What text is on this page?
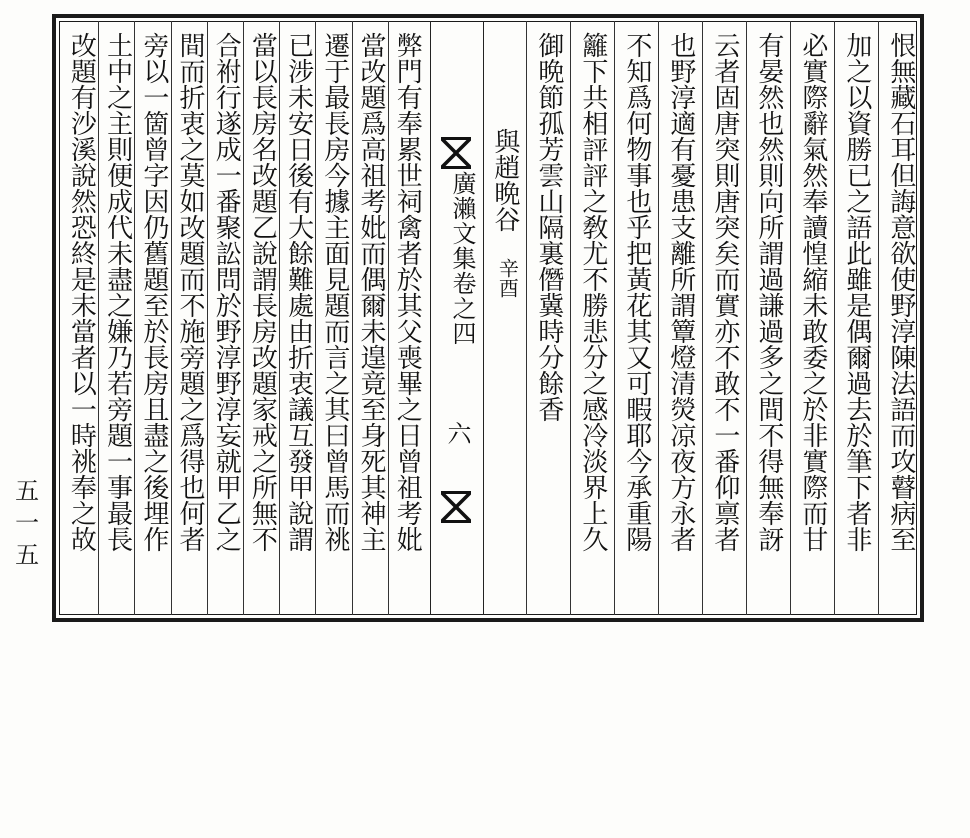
恨無藏石耳但誨意欲使野淳陳法語而攻瞽病至
加之以資勝已之語此雖是偶爾過去於筆下者非
必實際辭氣然奉讀惶縮未敢委之於非實際而甘
有晏然也然則向所謂過謙過多之間不得無奉訝
云者固唐突則唐突矣而實亦不敢不一番仰禀者
也野淳適有憂患支離所謂簟燈清熒凉夜方永者
不知爲何物事也乎把黃花其又可暇耶今承重陽
籬下共相評評之敎尤不勝悲分之感冷淡界上久
御晩節孤芳雲山隔裏僭冀時分餘香
與趙晩谷
辛酉
廣瀨文集卷之四
六
弊門有奉累世祠禽者於其父喪畢之日曾祖考妣
當改題爲高祖考妣而偶爾未遑竟至身死其神主
遷于最長房今據主面見題而言之其曰曾馬而祧
已涉未安日後有大餘難處由折衷議互發甲說謂
當以長房名改題乙說謂長房改題家戒之所無不
合祔行遂成一番聚訟問於野淳野淳妄就甲乙之
間而折衷之莫如改題而不施旁題之爲得也何者
旁以一箇曾字因仍舊題至於長房且盡之後埋作
土中之主則便成代未盡之嫌乃若旁題一事最長
改題有沙溪說然恐終是未當者以一時祧奉之故
五一五
